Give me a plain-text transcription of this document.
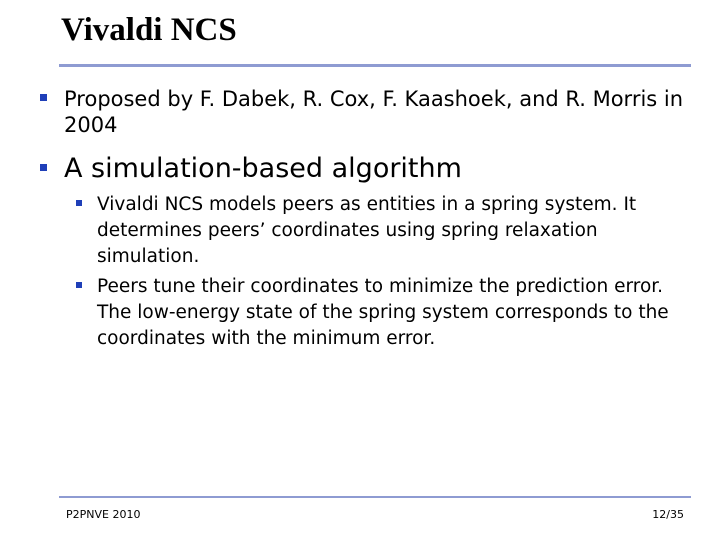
Vivaldi NCS
Proposed by F. Dabek, R. Cox, F. Kaashoek, and R. Morris in 2004
A simulation-based algorithm
Vivaldi NCS models peers as entities in a spring system. It determines peers’ coordinates using spring relaxation simulation.
Peers tune their coordinates to minimize the prediction error. The low-energy state of the spring system corresponds to the coordinates with the minimum error.
P2PNVE 2010	12/35
